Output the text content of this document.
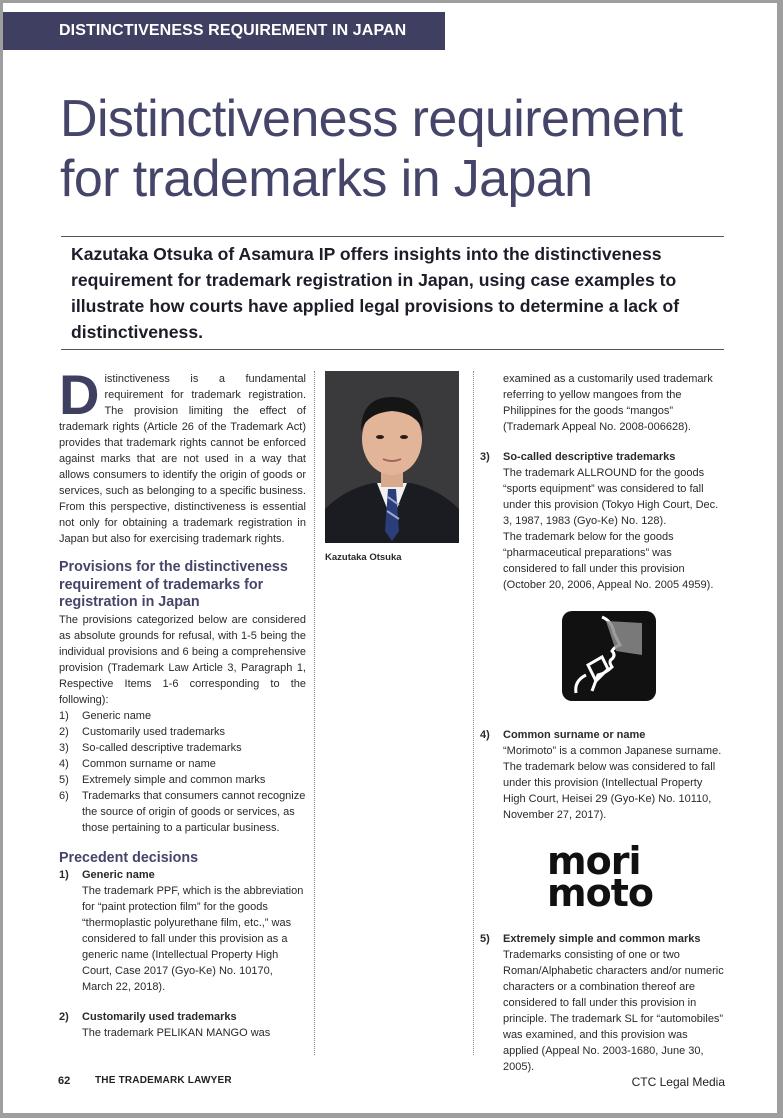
DISTINCTIVENESS REQUIREMENT IN JAPAN
Distinctiveness requirement
for trademarks in Japan
Kazutaka Otsuka of Asamura IP offers insights into the distinctiveness requirement for trademark registration in Japan, using case examples to illustrate how courts have applied legal provisions to determine a lack of distinctiveness.

Distinctiveness is a fundamental requirement for trademark registration. The provision limiting the effect of trademark rights (Article 26 of the Trademark Act) provides that trademark rights cannot be enforced against marks that are not used in a way that allows consumers to identify the origin of goods or services, such as belonging to a specific business. From this perspective, distinctiveness is essential not only for obtaining a trademark registration in Japan but also for exercising trademark rights.

Provisions for the distinctiveness requirement of trademarks for registration in Japan

The provisions categorized below are considered as absolute grounds for refusal, with 1-5 being the individual provisions and 6 being a comprehensive provision (Trademark Law Article 3, Paragraph 1, Respective Items 1-6 corresponding to the following):

1) Generic name
2) Customarily used trademarks
3) So-called descriptive trademarks
4) Common surname or name
5) Extremely simple and common marks
6) Trademarks that consumers cannot recognize the source of origin of goods or services, as those pertaining to a particular business.
Precedent decisions
1) Generic name
The trademark PPF, which is the abbreviation for “paint protection film” for the goods “thermoplastic polyurethane film, etc.,” was considered to fall under this provision as a generic name (Intellectual Property High Court, Case 2017 (Gyo-Ke) No. 10170, March 22, 2018).
2) Customarily used trademarks
The trademark PELIKAN MANGO was
Kazutaka Otsuka
examined as a customarily used trademark referring to yellow mangoes from the Philippines for the goods “mangos” (Trademark Appeal No. 2008-006628).
3) So-called descriptive trademarks
The trademark ALLROUND for the goods “sports equipment” was considered to fall under this provision (Tokyo High Court, Dec. 3, 1987, 1983 (Gyo-Ke) No. 128).
The trademark below for the goods “pharmaceutical preparations” was considered to fall under this provision (October 20, 2006, Appeal No. 2005 4959).
4) Common surname or name
“Morimoto” is a common Japanese surname. The trademark below was considered to fall under this provision (Intellectual Property High Court, Heisei 29 (Gyo-Ke) No. 10110, November 27, 2017).
mori
moto
5) Extremely simple and common marks
Trademarks consisting of one or two Roman/Alphabetic characters and/or numeric characters or a combination thereof are considered to fall under this provision in principle. The trademark SL for “automobiles” was examined, and this provision was applied (Appeal No. 2003-1680, June 30, 2005).
62 THE TRADEMARK LAWYER	CTC Legal Media
